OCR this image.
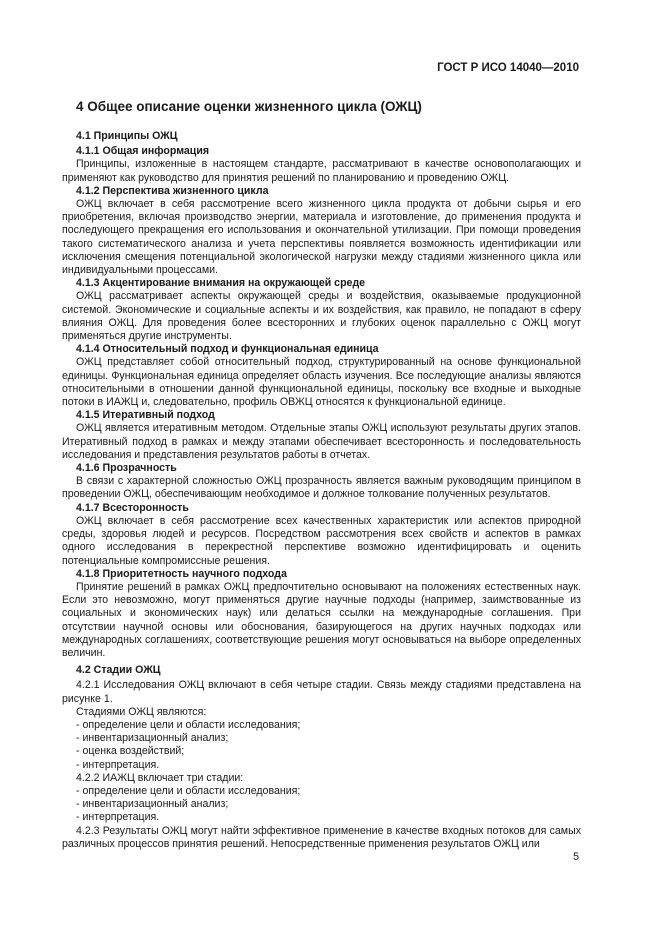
ГОСТ Р ИСО 14040—2010
4 Общее описание оценки жизненного цикла (ОЖЦ)
4.1 Принципы ОЖЦ
4.1.1 Общая информация

Принципы, изложенные в настоящем стандарте, рассматривают в качестве основополагающих и применяют как руководство для принятия решений по планированию и проведению ОЖЦ.

4.1.2 Перспектива жизненного цикла

ОЖЦ включает в себя рассмотрение всего жизненного цикла продукта от добычи сырья и его приобретения, включая производство энергии, материала и изготовление, до применения продукта и последующего прекращения его использования и окончательной утилизации. При помощи проведения такого систематического анализа и учета перспективы появляется возможность идентификации или исключения смещения потенциальной экологической нагрузки между стадиями жизненного цикла или индивидуальными процессами.

4.1.3 Акцентирование внимания на окружающей среде

ОЖЦ рассматривает аспекты окружающей среды и воздействия, оказываемые продукционной системой. Экономические и социальные аспекты и их воздействия, как правило, не попадают в сферу влияния ОЖЦ. Для проведения более всесторонних и глубоких оценок параллельно с ОЖЦ могут применяться другие инструменты.

4.1.4 Относительный подход и функциональная единица

ОЖЦ представляет собой относительный подход, структурированный на основе функциональной единицы. Функциональная единица определяет область изучения. Все последующие анализы являются относительными в отношении данной функциональной единицы, поскольку все входные и выходные потоки в ИАЖЦ и, следовательно, профиль ОВЖЦ относятся к функциональной единице.

4.1.5 Итеративный подход

ОЖЦ является итеративным методом. Отдельные этапы ОЖЦ используют результаты других этапов. Итеративный подход в рамках и между этапами обеспечивает всесторонность и последовательность исследования и представления результатов работы в отчетах.

4.1.6 Прозрачность

В связи с характерной сложностью ОЖЦ прозрачность является важным руководящим принципом в проведении ОЖЦ, обеспечивающим необходимое и должное толкование полученных результатов.

4.1.7 Всесторонность

ОЖЦ включает в себя рассмотрение всех качественных характеристик или аспектов природной среды, здоровья людей и ресурсов. Посредством рассмотрения всех свойств и аспектов в рамках одного исследования в перекрестной перспективе возможно идентифицировать и оценить потенциальные компромиссные решения.

4.1.8 Приоритетность научного подхода

Принятие решений в рамках ОЖЦ предпочтительно основывают на положениях естественных наук. Если это невозможно, могут применяться другие научные подходы (например, заимствованные из социальных и экономических наук) или делаться ссылки на международные соглашения. При отсутствии научной основы или обоснования, базирующегося на других научных подходах или международных соглашениях, соответствующие решения могут основываться на выборе определенных величин.

4.2 Стадии ОЖЦ

4.2.1 Исследования ОЖЦ включают в себя четыре стадии. Связь между стадиями представлена на рисунке 1.

Стадиями ОЖЦ являются:

- определение цели и области исследования;
- инвентаризационный анализ;
- оценка воздействий;
- интерпретация.

4.2.2 ИАЖЦ включает три стадии:

- определение цели и области исследования;
- инвентаризационный анализ;
- интерпретация.

4.2.3 Результаты ОЖЦ могут найти эффективное применение в качестве входных потоков для самых различных процессов принятия решений. Непосредственные применения результатов ОЖЦ или

5
